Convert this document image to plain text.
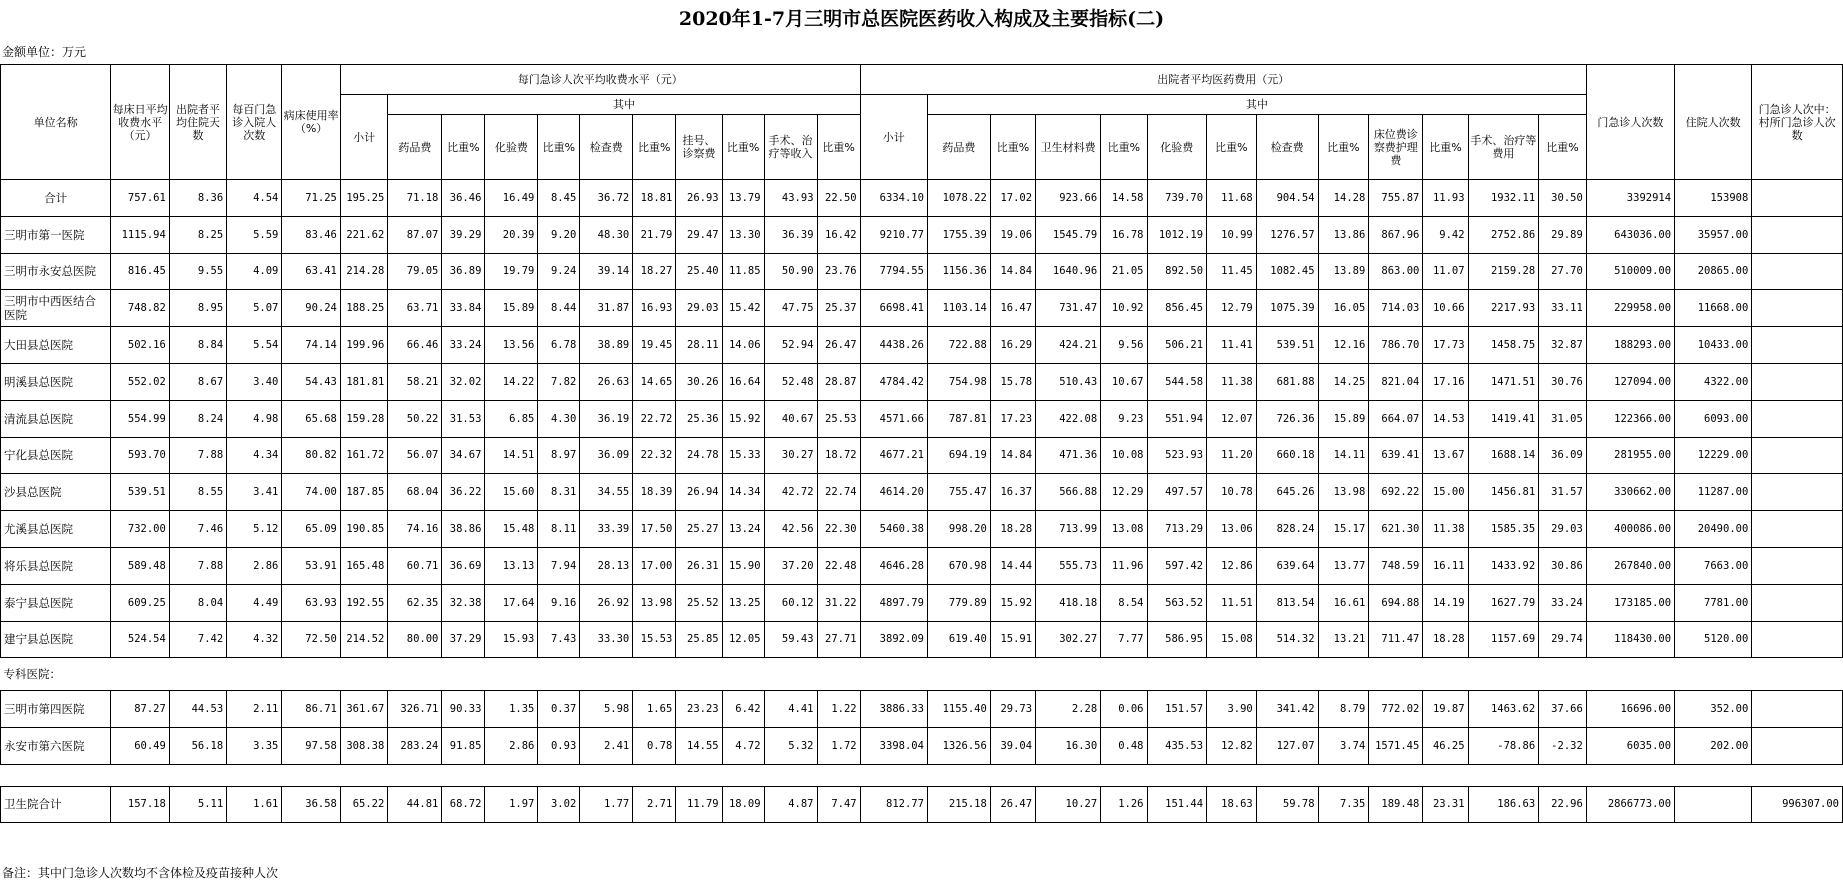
2020年1-7月三明市总医院医药收入构成及主要指标(二)
金额单位：万元
单位名称	每床日平均收费水平（元）	出院者平均住院天数	每百门急诊入院人次数	病床使用率（%）	每门急诊人次平均收费水平（元）											出院者平均医药费用（元）													门急诊人次数	住院人次数	门急诊人次中：村所门急诊人次数
					小计	其中										小计	其中														
						药品费	比重%	化验费	比重%	检查费	比重%	挂号、诊察费	比重%	手术、治疗等收入	比重%		药品费	比重%	卫生材料费	比重%	化验费	比重%	检查费	比重%	床位费诊察费护理费	比重%	手术、治疗等费用	比重%			
合计	757.61	8.36	4.54	71.25	195.25	71.18	36.46	16.49	8.45	36.72	18.81	26.93	13.79	43.93	22.50	6334.10	1078.22	17.02	923.66	14.58	739.70	11.68	904.54	14.28	755.87	11.93	1932.11	30.50	3392914	153908	
三明市第一医院	1115.94	8.25	5.59	83.46	221.62	87.07	39.29	20.39	9.20	48.30	21.79	29.47	13.30	36.39	16.42	9210.77	1755.39	19.06	1545.79	16.78	1012.19	10.99	1276.57	13.86	867.96	9.42	2752.86	29.89	643036.00	35957.00	
三明市永安总医院	816.45	9.55	4.09	63.41	214.28	79.05	36.89	19.79	9.24	39.14	18.27	25.40	11.85	50.90	23.76	7794.55	1156.36	14.84	1640.96	21.05	892.50	11.45	1082.45	13.89	863.00	11.07	2159.28	27.70	510009.00	20865.00	
三明市中西医结合医院	748.82	8.95	5.07	90.24	188.25	63.71	33.84	15.89	8.44	31.87	16.93	29.03	15.42	47.75	25.37	6698.41	1103.14	16.47	731.47	10.92	856.45	12.79	1075.39	16.05	714.03	10.66	2217.93	33.11	229958.00	11668.00	
大田县总医院	502.16	8.84	5.54	74.14	199.96	66.46	33.24	13.56	6.78	38.89	19.45	28.11	14.06	52.94	26.47	4438.26	722.88	16.29	424.21	9.56	506.21	11.41	539.51	12.16	786.70	17.73	1458.75	32.87	188293.00	10433.00	
明溪县总医院	552.02	8.67	3.40	54.43	181.81	58.21	32.02	14.22	7.82	26.63	14.65	30.26	16.64	52.48	28.87	4784.42	754.98	15.78	510.43	10.67	544.58	11.38	681.88	14.25	821.04	17.16	1471.51	30.76	127094.00	4322.00	
清流县总医院	554.99	8.24	4.98	65.68	159.28	50.22	31.53	6.85	4.30	36.19	22.72	25.36	15.92	40.67	25.53	4571.66	787.81	17.23	422.08	9.23	551.94	12.07	726.36	15.89	664.07	14.53	1419.41	31.05	122366.00	6093.00	
宁化县总医院	593.70	7.88	4.34	80.82	161.72	56.07	34.67	14.51	8.97	36.09	22.32	24.78	15.33	30.27	18.72	4677.21	694.19	14.84	471.36	10.08	523.93	11.20	660.18	14.11	639.41	13.67	1688.14	36.09	281955.00	12229.00	
沙县总医院	539.51	8.55	3.41	74.00	187.85	68.04	36.22	15.60	8.31	34.55	18.39	26.94	14.34	42.72	22.74	4614.20	755.47	16.37	566.88	12.29	497.57	10.78	645.26	13.98	692.22	15.00	1456.81	31.57	330662.00	11287.00	
尤溪县总医院	732.00	7.46	5.12	65.09	190.85	74.16	38.86	15.48	8.11	33.39	17.50	25.27	13.24	42.56	22.30	5460.38	998.20	18.28	713.99	13.08	713.29	13.06	828.24	15.17	621.30	11.38	1585.35	29.03	400086.00	20490.00	
将乐县总医院	589.48	7.88	2.86	53.91	165.48	60.71	36.69	13.13	7.94	28.13	17.00	26.31	15.90	37.20	22.48	4646.28	670.98	14.44	555.73	11.96	597.42	12.86	639.64	13.77	748.59	16.11	1433.92	30.86	267840.00	7663.00	
泰宁县总医院	609.25	8.04	4.49	63.93	192.55	62.35	32.38	17.64	9.16	26.92	13.98	25.52	13.25	60.12	31.22	4897.79	779.89	15.92	418.18	8.54	563.52	11.51	813.54	16.61	694.88	14.19	1627.79	33.24	173185.00	7781.00	
建宁县总医院	524.54	7.42	4.32	72.50	214.52	80.00	37.29	15.93	7.43	33.30	15.53	25.85	12.05	59.43	27.71	3892.09	619.40	15.91	302.27	7.77	586.95	15.08	514.32	13.21	711.47	18.28	1157.69	29.74	118430.00	5120.00	
专科医院：																															
三明市第四医院	87.27	44.53	2.11	86.71	361.67	326.71	90.33	1.35	0.37	5.98	1.65	23.23	6.42	4.41	1.22	3886.33	1155.40	29.73	2.28	0.06	151.57	3.90	341.42	8.79	772.02	19.87	1463.62	37.66	16696.00	352.00	
永安市第六医院	60.49	56.18	3.35	97.58	308.38	283.24	91.85	2.86	0.93	2.41	0.78	14.55	4.72	5.32	1.72	3398.04	1326.56	39.04	16.30	0.48	435.53	12.82	127.07	3.74	1571.45	46.25	-78.86	-2.32	6035.00	202.00	

卫生院合计	157.18	5.11	1.61	36.58	65.22	44.81	68.72	1.97	3.02	1.77	2.71	11.79	18.09	4.87	7.47	812.77	215.18	26.47	10.27	1.26	151.44	18.63	59.78	7.35	189.48	23.31	186.63	22.96	2866773.00		996307.00
备注：其中门急诊人次数均不含体检及疫苗接种人次
